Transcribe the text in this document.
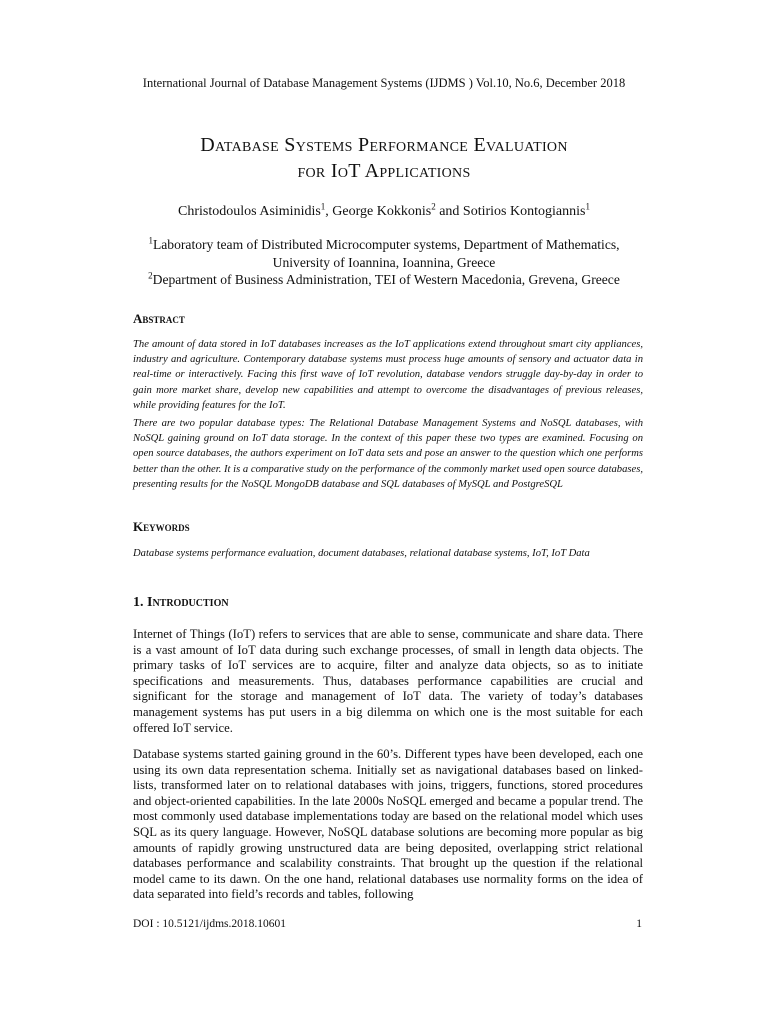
International Journal of Database Management Systems (IJDMS ) Vol.10, No.6, December 2018
Database Systems Performance Evaluation
for IoT Applications
Christodoulos Asiminidis$^1$, George Kokkonis$^2$ and Sotirios Kontogiannis$^1$
$^1$Laboratory team of Distributed Microcomputer systems, Department of Mathematics,
University of Ioannina, Ioannina, Greece
$^2$Department of Business Administration, TEI of Western Macedonia, Grevena, Greece
Abstract
The amount of data stored in IoT databases increases as the IoT applications extend throughout smart city appliances, industry and agriculture. Contemporary database systems must process huge amounts of sensory and actuator data in real-time or interactively. Facing this first wave of IoT revolution, database vendors struggle day-by-day in order to gain more market share, develop new capabilities and attempt to overcome the disadvantages of previous releases, while providing features for the IoT.
There are two popular database types: The Relational Database Management Systems and NoSQL databases, with NoSQL gaining ground on IoT data storage. In the context of this paper these two types are examined. Focusing on open source databases, the authors experiment on IoT data sets and pose an answer to the question which one performs better than the other. It is a comparative study on the performance of the commonly market used open source databases, presenting results for the NoSQL MongoDB database and SQL databases of MySQL and PostgreSQL
Keywords
Database systems performance evaluation, document databases, relational database systems, IoT, IoT Data
1. Introduction
Internet of Things (IoT) refers to services that are able to sense, communicate and share data. There is a vast amount of IoT data during such exchange processes, of small in length data objects. The primary tasks of IoT services are to acquire, filter and analyze data objects, so as to initiate specifications and measurements. Thus, databases performance capabilities are crucial and significant for the storage and management of IoT data. The variety of today’s databases management systems has put users in a big dilemma on which one is the most suitable for each offered IoT service.
Database systems started gaining ground in the 60’s. Different types have been developed, each one using its own data representation schema. Initially set as navigational databases based on linked-lists, transformed later on to relational databases with joins, triggers, functions, stored procedures and object-oriented capabilities. In the late 2000s NoSQL emerged and became a popular trend. The most commonly used database implementations today are based on the relational model which uses SQL as its query language. However, NoSQL database solutions are becoming more popular as big amounts of rapidly growing unstructured data are being deposited, overlapping strict relational databases performance and scalability constraints. That brought up the question if the relational model came to its dawn. On the one hand, relational databases use normality forms on the idea of data separated into field’s records and tables, following
DOI : 10.5121/ijdms.2018.10601	1
